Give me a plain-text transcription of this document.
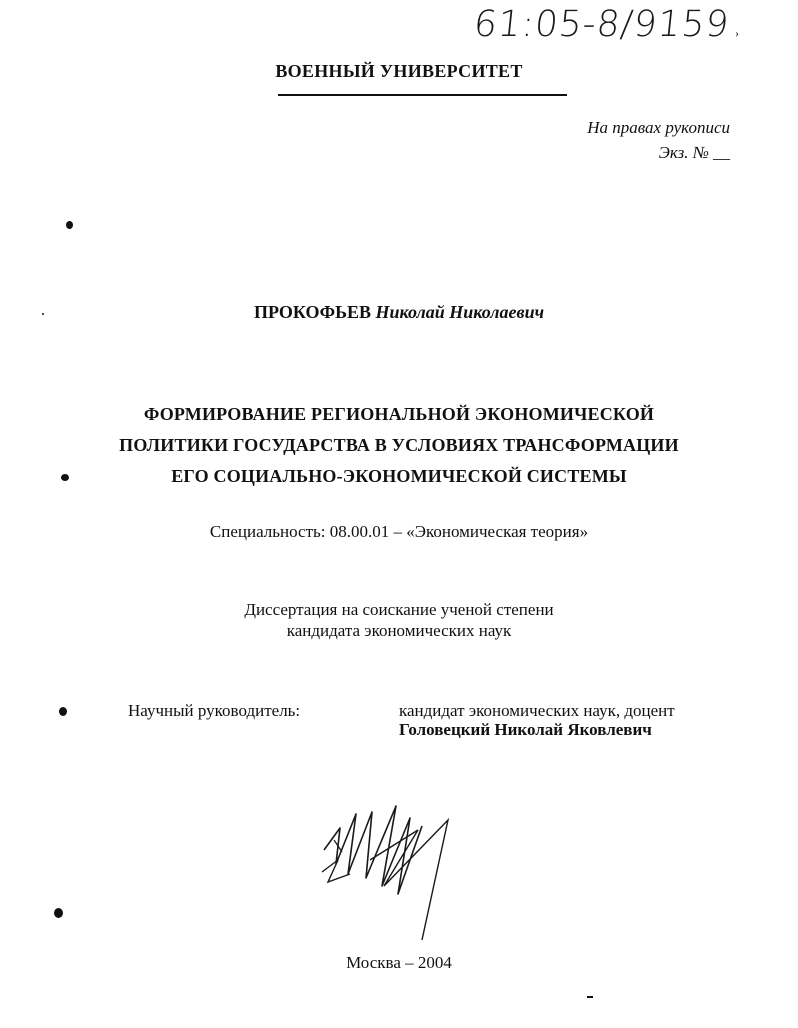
61:05-8/9159 ›
ВОЕННЫЙ УНИВЕРСИТЕТ
На правах рукописи
Экз. № __
ПРОКОФЬЕВ Николай Николаевич
ФОРМИРОВАНИЕ РЕГИОНАЛЬНОЙ ЭКОНОМИЧЕСКОЙ
ПОЛИТИКИ ГОСУДАРСТВА В УСЛОВИЯХ ТРАНСФОРМАЦИИ
ЕГО СОЦИАЛЬНО-ЭКОНОМИЧЕСКОЙ СИСТЕМЫ
Специальность: 08.00.01 – «Экономическая теория»
Диссертация на соискание ученой степени
кандидата экономических наук
Научный руководитель:	кандидат экономических наук, доцент
Головецкий Николай Яковлевич
Москва – 2004
